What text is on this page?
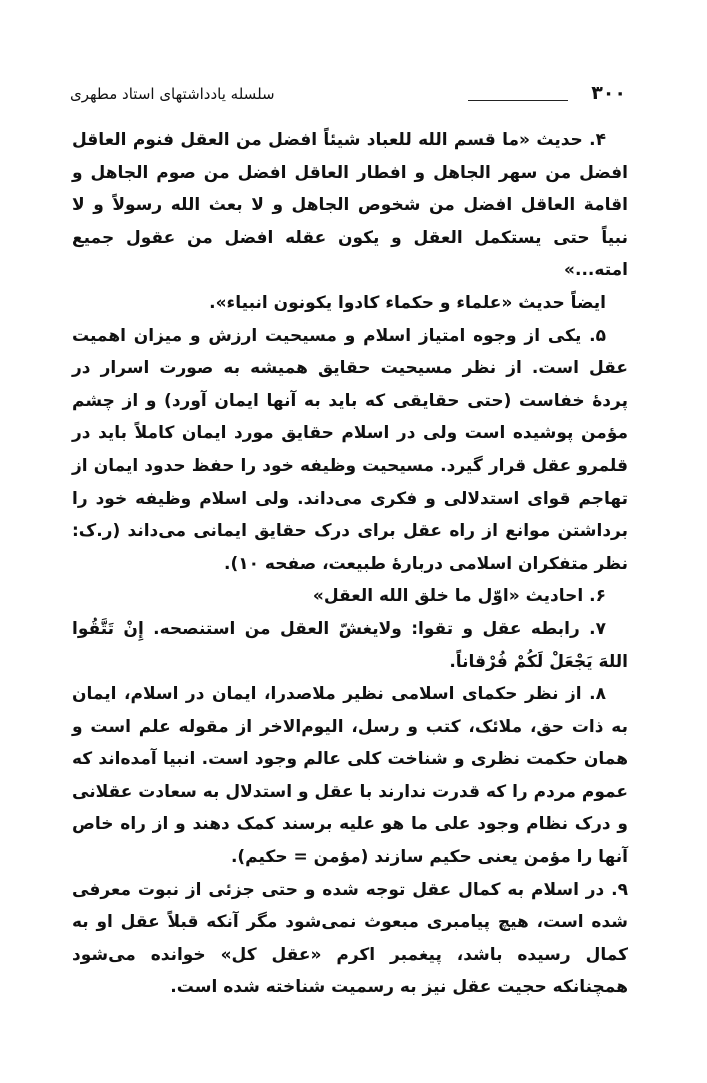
۳۰۰
سلسله یادداشتهای استاد مطهری

۴. حدیث «ما قسم الله للعباد شیئاً افضل من العقل فنوم العاقل افضل من سهر الجاهل و افطار العاقل افضل من صوم الجاهل و اقامة العاقل افضل من شخوص الجاهل و لا بعث الله رسولاً و لا نبیاً حتی یستکمل العقل و یکون عقله افضل من عقول جمیع امته...»

ایضاً حدیث «علماء و حکماء کادوا یکونون انبیاء».

۵. یکی از وجوه امتیاز اسلام و مسیحیت ارزش و میزان اهمیت عقل است. از نظر مسیحیت حقایق همیشه به صورت اسرار در پردهٔ خفاست (حتی حقایقی که باید به آنها ایمان آورد) و از چشم مؤمن پوشیده است ولی در اسلام حقایق مورد ایمان کاملاً باید در قلمرو عقل قرار گیرد. مسیحیت وظیفه خود را حفظ حدود ایمان از تهاجم قوای استدلالی و فکری می‌داند. ولی اسلام وظیفه خود را برداشتن موانع از راه عقل برای درک حقایق ایمانی می‌داند (ر.ک: نظر متفکران اسلامی دربارهٔ طبیعت، صفحه ۱۰).

۶. احادیث «اوّل ما خلق الله العقل»

۷. رابطه عقل و تقوا: ولایغشّ العقل من استنصحه. إِنْ تَتَّقُوا اللهَ یَجْعَلْ لَکُمْ فُرْقاناً.

۸. از نظر حکمای اسلامی نظیر ملاصدرا، ایمان در اسلام، ایمان به ذات حق، ملائک، کتب و رسل، الیوم‌الاخر از مقوله علم است و همان حکمت نظری و شناخت کلی عالم وجود است. انبیا آمده‌اند که عموم مردم را که قدرت ندارند با عقل و استدلال به سعادت عقلانی و درک نظام وجود علی ما هو علیه برسند کمک دهند و از راه خاص آنها را مؤمن یعنی حکیم سازند (مؤمن = حکیم).

۹. در اسلام به کمال عقل توجه شده و حتی جزئی از نبوت معرفی شده است، هیچ پیامبری مبعوث نمی‌شود مگر آنکه قبلاً عقل او به کمال رسیده باشد، پیغمبر اکرم «عقل کل» خوانده می‌شود همچنانکه حجیت عقل نیز به رسمیت شناخته شده است.
